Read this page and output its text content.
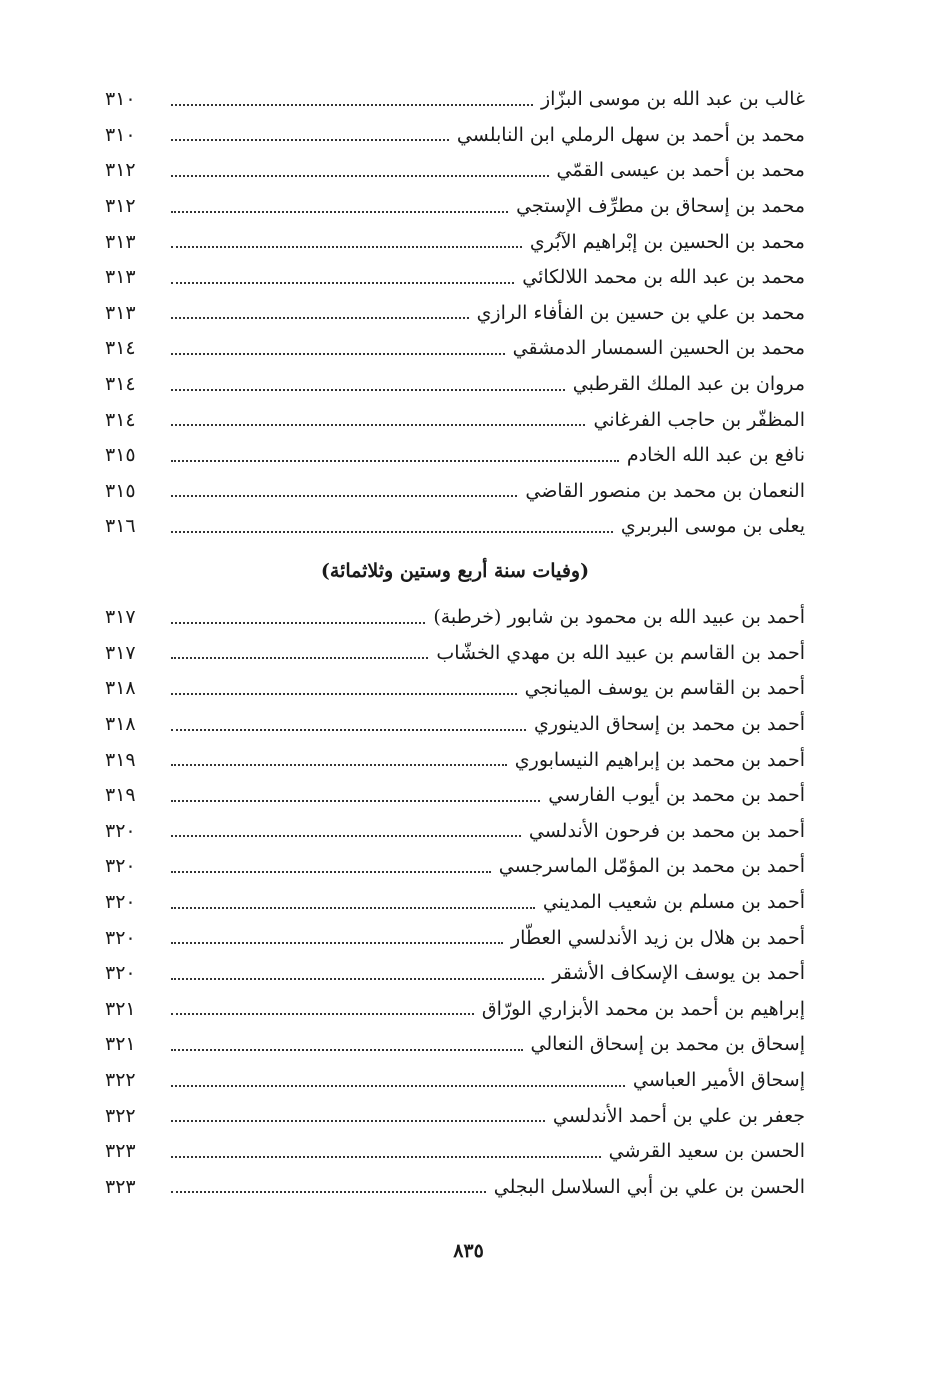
غالب بن عبد الله بن موسى البزّاز
٣١٠
محمد بن أحمد بن سهل الرملي ابن النابلسي
٣١٠
محمد بن أحمد بن عيسى القمّي
٣١٢
محمد بن إسحاق بن مطرِّف الإستجي
٣١٢
محمد بن الحسين بن إبْراهيم الآبُري
٣١٣
محمد بن عبد الله بن محمد اللالكائي
٣١٣
محمد بن علي بن حسين بن الفأفاء الرازي
٣١٣
محمد بن الحسين السمسار الدمشقي
٣١٤
مروان بن عبد الملك القرطبي
٣١٤
المظفّر بن حاجب الفرغاني
٣١٤
نافع بن عبد الله الخادم
٣١٥
النعمان بن محمد بن منصور القاضي
٣١٥
يعلى بن موسى البربري
٣١٦
(وفيات سنة أربع وستين وثلاثمائة)
أحمد بن عبيد الله بن محمود بن شابور (خرطبة)
٣١٧
أحمد بن القاسم بن عبيد الله بن مهدي الخشّاب
٣١٧
أحمد بن القاسم بن يوسف الميانجي
٣١٨
أحمد بن محمد بن إسحاق الدينوري
٣١٨
أحمد بن محمد بن إبراهيم النيسابوري
٣١٩
أحمد بن محمد بن أيوب الفارسي
٣١٩
أحمد بن محمد بن فرحون الأندلسي
٣٢٠
أحمد بن محمد بن المؤمّل الماسرجسي
٣٢٠
أحمد بن مسلم بن شعيب المديني
٣٢٠
أحمد بن هلال بن زيد الأندلسي العطّار
٣٢٠
أحمد بن يوسف الإسكاف الأشقر
٣٢٠
إبراهيم بن أحمد بن محمد الأبزاري الورّاق
٣٢١
إسحاق بن محمد بن إسحاق النعالي
٣٢١
إسحاق الأمير العباسي
٣٢٢
جعفر بن علي بن أحمد الأندلسي
٣٢٢
الحسن بن سعيد القرشي
٣٢٣
الحسن بن علي بن أبي السلاسل البجلي
٣٢٣
٨٣٥
